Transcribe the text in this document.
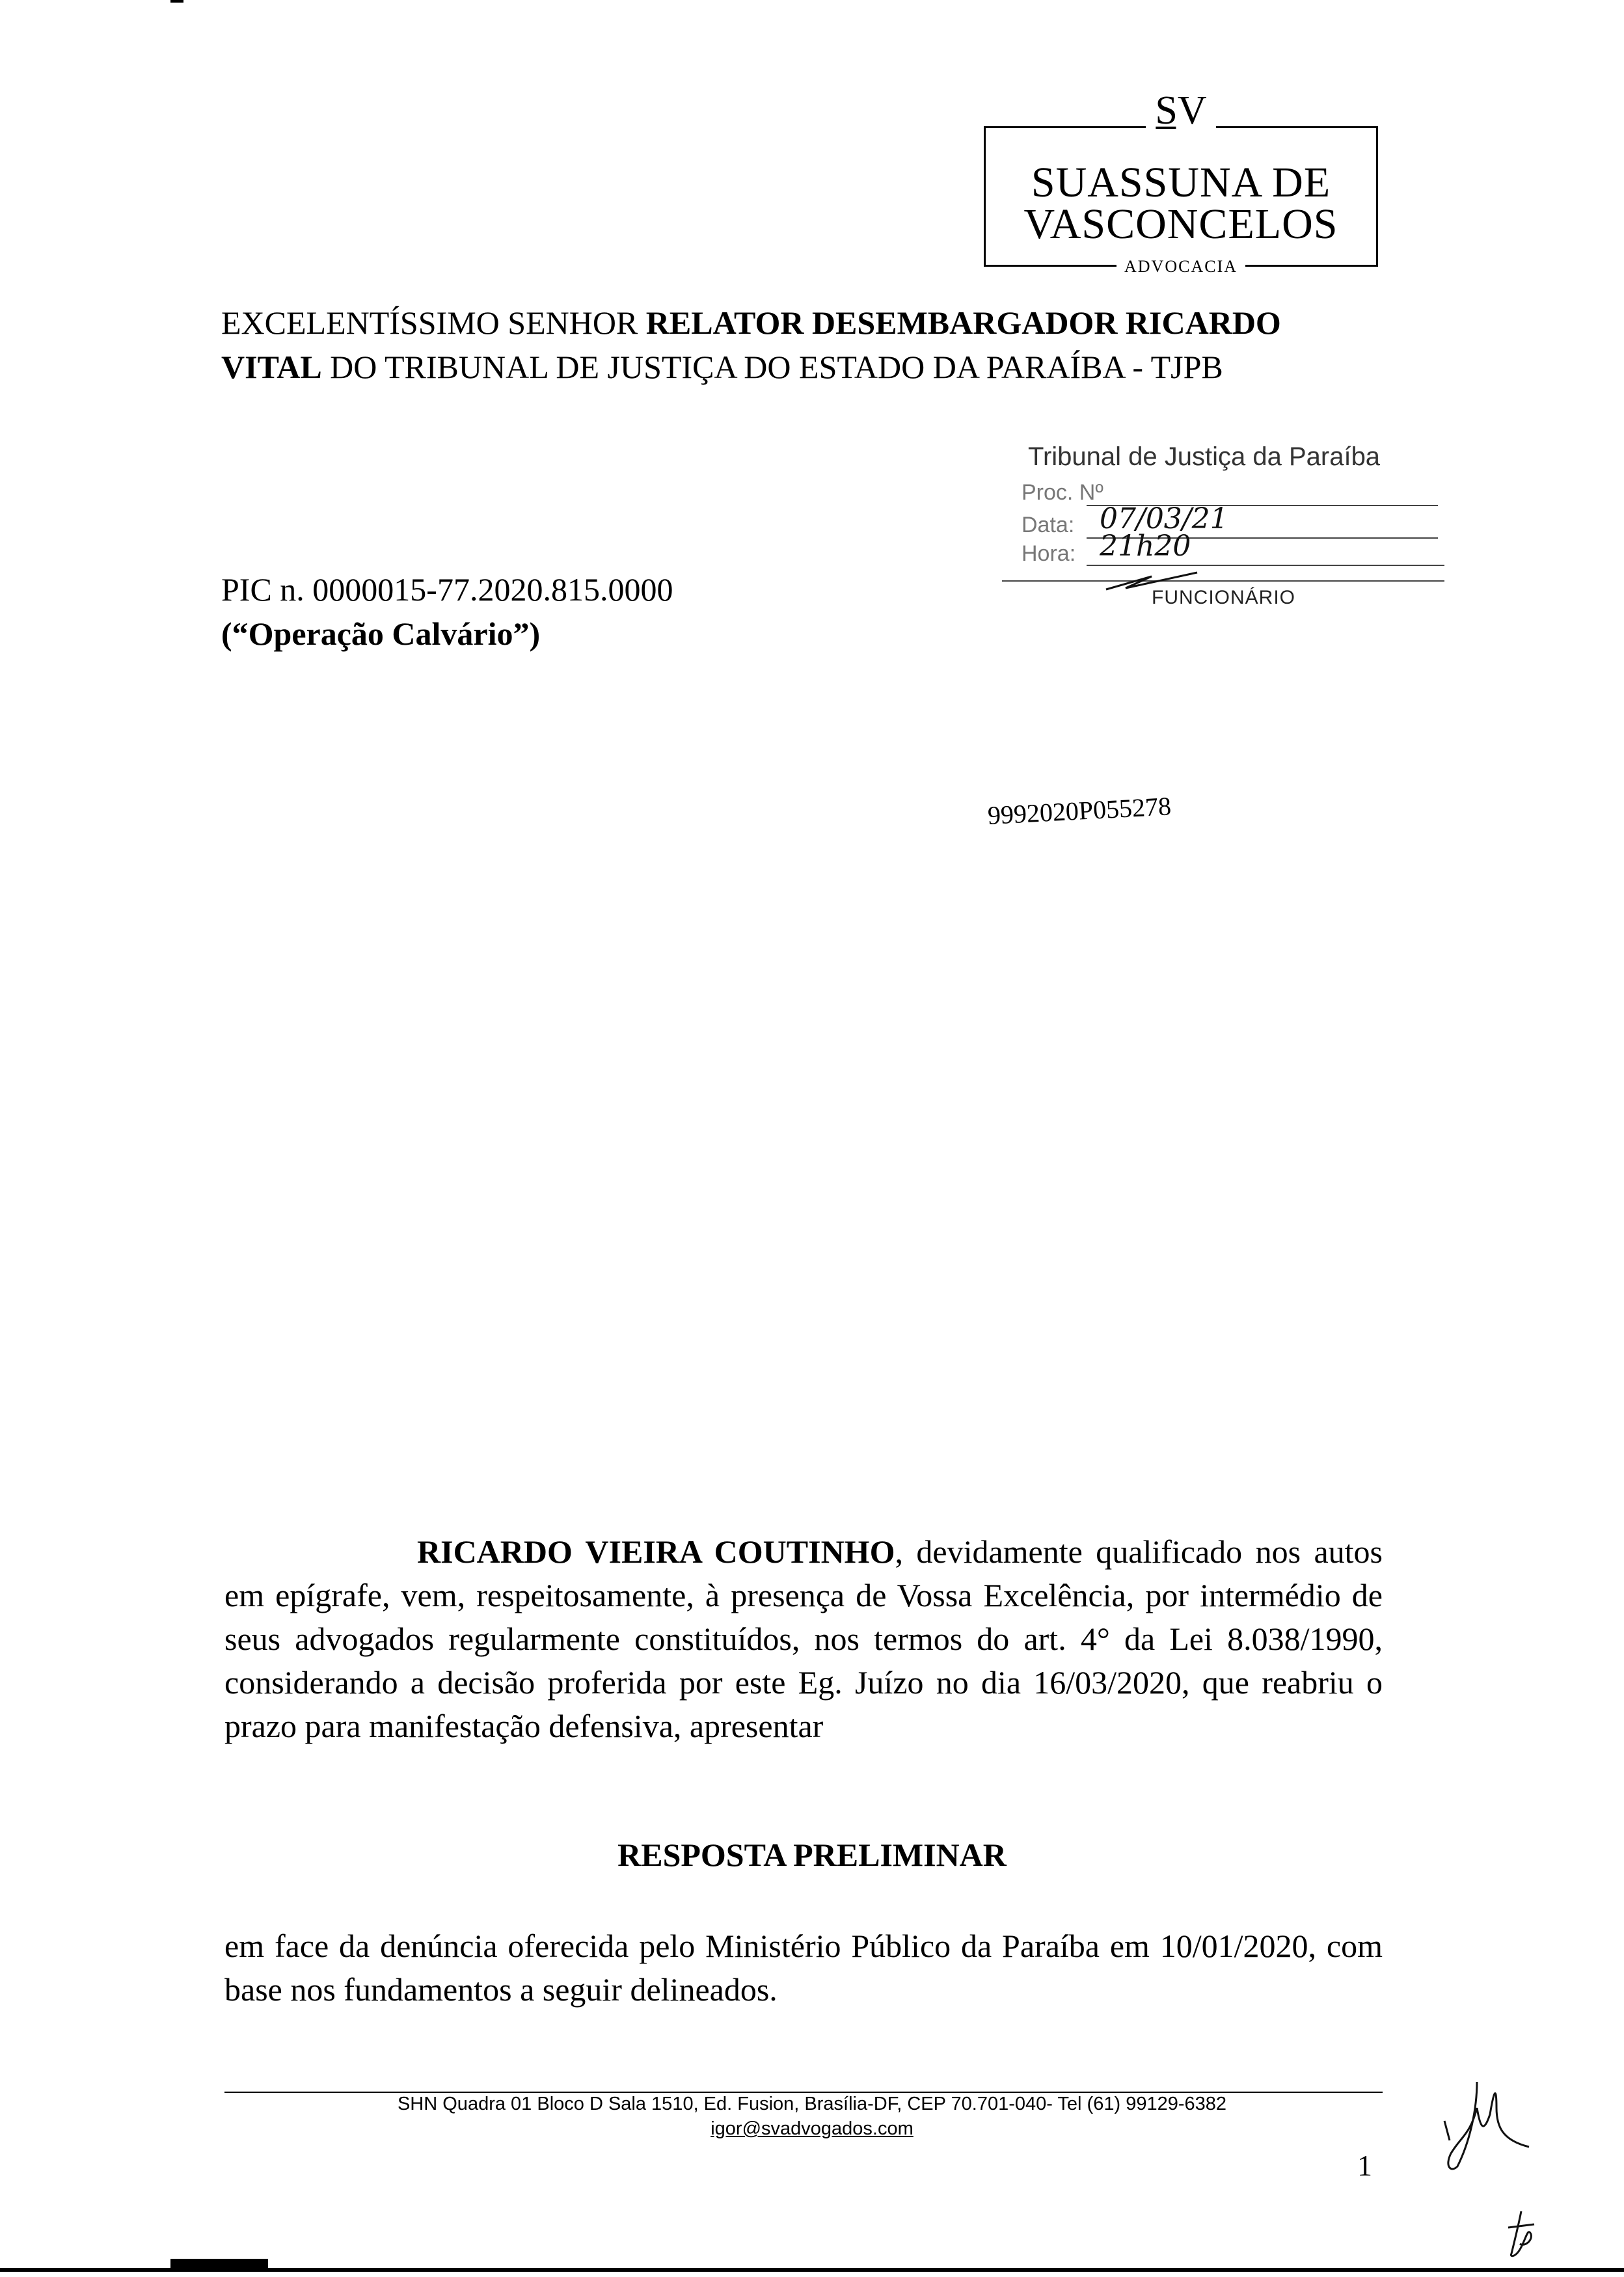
S̲V
SUASSUNA DE
VASCONCELOS
ADVOCACIA
EXCELENTÍSSIMO SENHOR RELATOR DESEMBARGADOR RICARDO VITAL DO TRIBUNAL DE JUSTIÇA DO ESTADO DA PARAÍBA - TJPB
Tribunal de Justiça da Paraíba
Proc. Nº
Data: 07/03/21
Hora: 21h20
FUNCIONÁRIO
PIC n. 0000015-77.2020.815.0000
(“Operação Calvário”)
9992020P055278
RICARDO VIEIRA COUTINHO, devidamente qualificado nos autos em epígrafe, vem, respeitosamente, à presença de Vossa Excelência, por intermédio de seus advogados regularmente constituídos, nos termos do art. 4° da Lei 8.038/1990, considerando a decisão proferida por este Eg. Juízo no dia 16/03/2020, que reabriu o prazo para manifestação defensiva, apresentar
RESPOSTA PRELIMINAR
em face da denúncia oferecida pelo Ministério Público da Paraíba em 10/01/2020, com base nos fundamentos a seguir delineados.
SHN Quadra 01 Bloco D Sala 1510, Ed. Fusion, Brasília-DF, CEP 70.701-040- Tel (61) 99129-6382
igor@svadvogados.com
1
